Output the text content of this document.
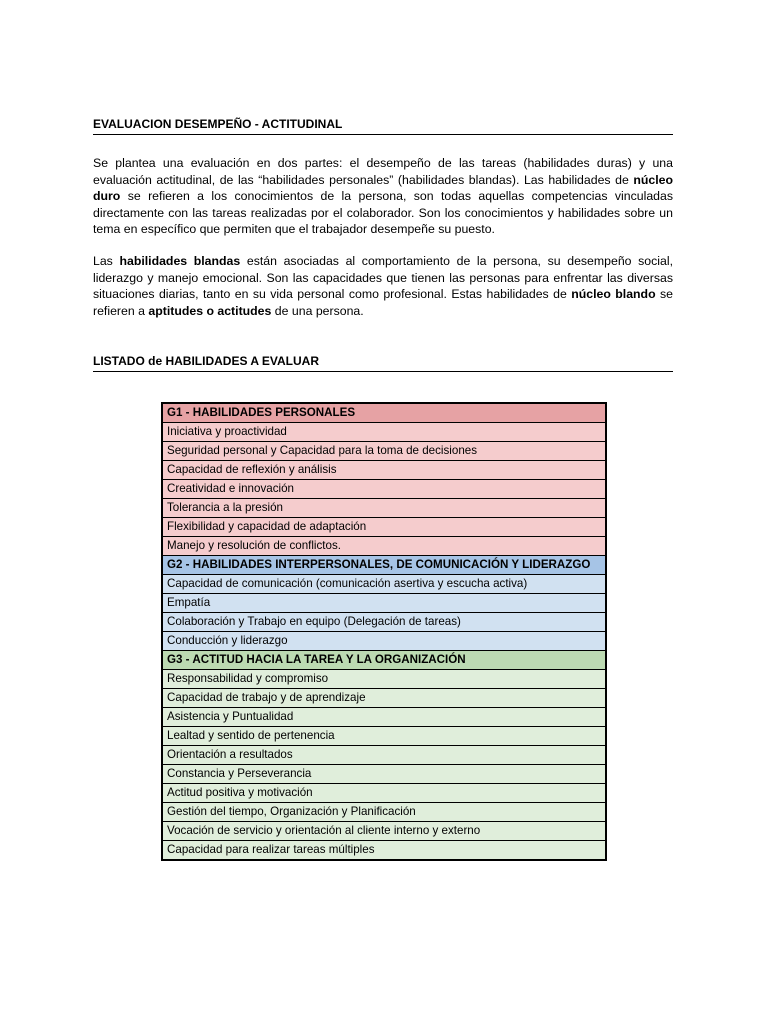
EVALUACION DESEMPEÑO - ACTITUDINAL

Se plantea una evaluación en dos partes: el desempeño de las tareas (habilidades duras) y una evaluación actitudinal, de las “habilidades personales” (habilidades blandas). Las habilidades de núcleo duro se refieren a los conocimientos de la persona, son todas aquellas competencias vinculadas directamente con las tareas realizadas por el colaborador. Son los conocimientos y habilidades sobre un tema en específico que permiten que el trabajador desempeñe su puesto.

Las habilidades blandas están asociadas al comportamiento de la persona, su desempeño social, liderazgo y manejo emocional. Son las capacidades que tienen las personas para enfrentar las diversas situaciones diarias, tanto en su vida personal como profesional. Estas habilidades de núcleo blando se refieren a aptitudes o actitudes de una persona.

LISTADO de HABILIDADES A EVALUAR
G1 - HABILIDADES PERSONALES
Iniciativa y proactividad
Seguridad personal y Capacidad para la toma de decisiones
Capacidad de reflexión y análisis
Creatividad e innovación
Tolerancia a la presión
Flexibilidad y capacidad de adaptación
Manejo y resolución de conflictos.
G2 - HABILIDADES INTERPERSONALES, DE COMUNICACIÓN Y LIDERAZGO
Capacidad de comunicación (comunicación asertiva y escucha activa)
Empatía
Colaboración y Trabajo en equipo (Delegación de tareas)
Conducción y liderazgo
G3 - ACTITUD HACIA LA TAREA Y LA ORGANIZACIÓN
Responsabilidad y compromiso
Capacidad de trabajo y de aprendizaje
Asistencia y Puntualidad
Lealtad y sentido de pertenencia
Orientación a resultados
Constancia y Perseverancia
Actitud positiva y motivación
Gestión del tiempo, Organización y Planificación
Vocación de servicio y orientación al cliente interno y externo
Capacidad para realizar tareas múltiples
